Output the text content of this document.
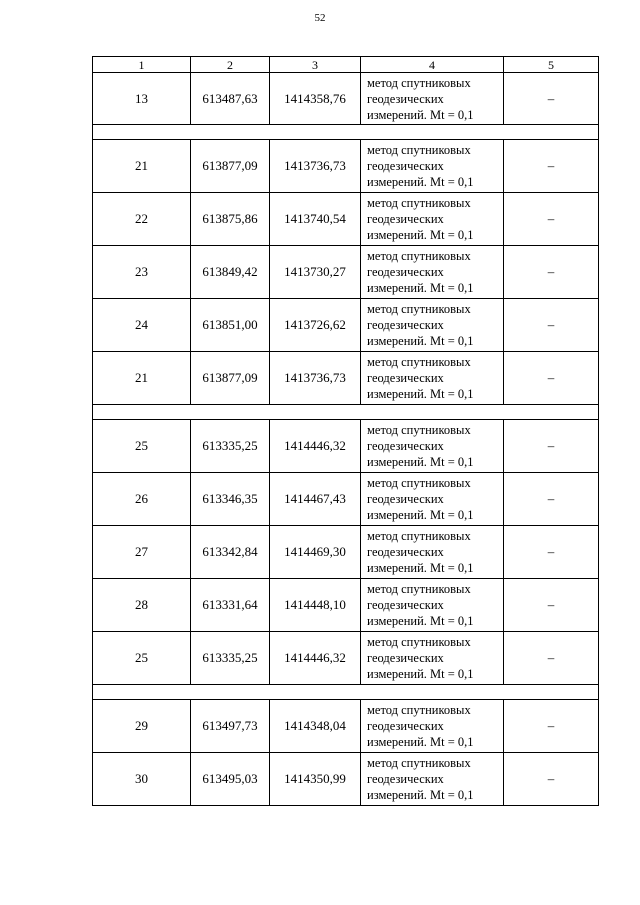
52
1	2	3	4	5
13	613487,63	1414358,76	метод спутниковых
геодезических
измерений. Mt = 0,1	–

21	613877,09	1413736,73	метод спутниковых
геодезических
измерений. Mt = 0,1	–
22	613875,86	1413740,54	метод спутниковых
геодезических
измерений. Mt = 0,1	–
23	613849,42	1413730,27	метод спутниковых
геодезических
измерений. Mt = 0,1	–
24	613851,00	1413726,62	метод спутниковых
геодезических
измерений. Mt = 0,1	–
21	613877,09	1413736,73	метод спутниковых
геодезических
измерений. Mt = 0,1	–

25	613335,25	1414446,32	метод спутниковых
геодезических
измерений. Mt = 0,1	–
26	613346,35	1414467,43	метод спутниковых
геодезических
измерений. Mt = 0,1	–
27	613342,84	1414469,30	метод спутниковых
геодезических
измерений. Mt = 0,1	–
28	613331,64	1414448,10	метод спутниковых
геодезических
измерений. Mt = 0,1	–
25	613335,25	1414446,32	метод спутниковых
геодезических
измерений. Mt = 0,1	–

29	613497,73	1414348,04	метод спутниковых
геодезических
измерений. Mt = 0,1	–
30	613495,03	1414350,99	метод спутниковых
геодезических
измерений. Mt = 0,1	–
